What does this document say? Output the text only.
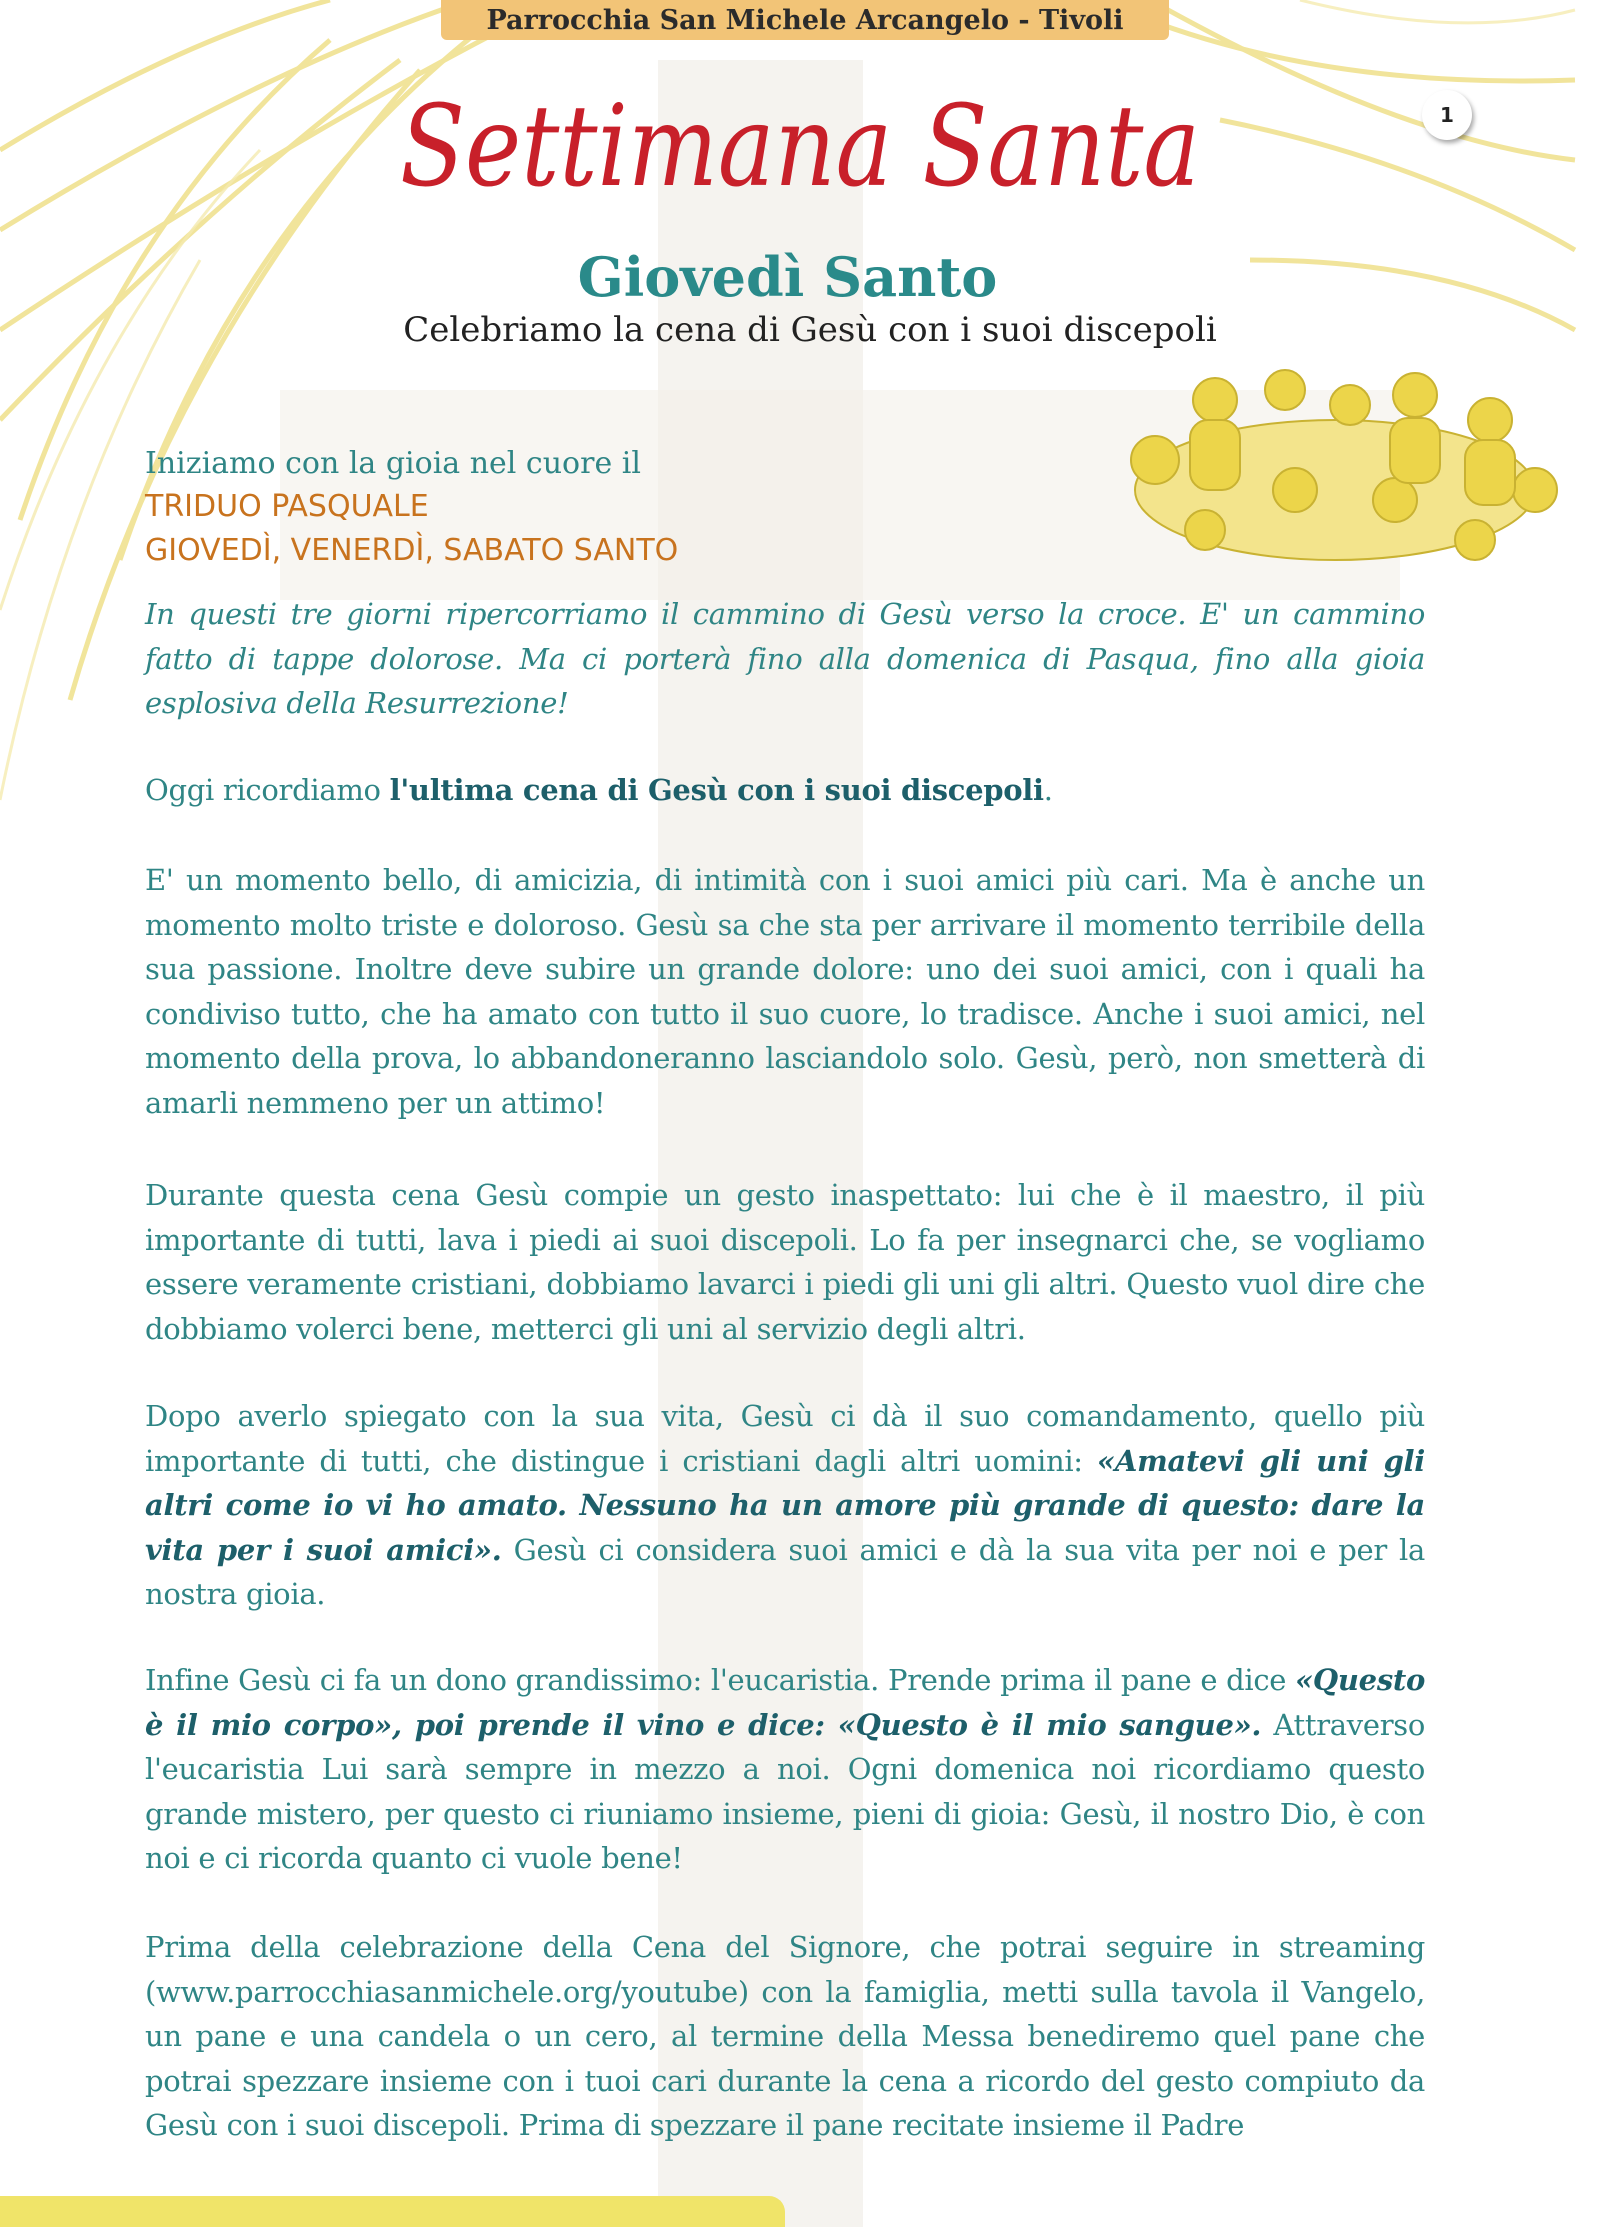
Parrocchia San Michele Arcangelo - Tivoli
1
Settimana Santa
Giovedì Santo
Celebriamo la cena di Gesù con i suoi discepoli
Iniziamo con la gioia nel cuore il
TRIDUO PASQUALE
GIOVEDÌ, VENERDÌ, SABATO SANTO
In questi tre giorni ripercorriamo il cammino di Gesù verso la croce. E' un cammino fatto di tappe dolorose. Ma ci porterà fino alla domenica di Pasqua, fino alla gioia esplosiva della Resurrezione!
Oggi ricordiamo l'ultima cena di Gesù con i suoi discepoli.
E' un momento bello, di amicizia, di intimità con i suoi amici più cari. Ma è anche un momento molto triste e doloroso. Gesù sa che sta per arrivare il momento terribile della sua passione. Inoltre deve subire un grande dolore: uno dei suoi amici, con i quali ha condiviso tutto, che ha amato con tutto il suo cuore, lo tradisce. Anche i suoi amici, nel momento della prova, lo abbandoneranno lasciandolo solo. Gesù, però, non smetterà di amarli nemmeno per un attimo!
Durante questa cena Gesù compie un gesto inaspettato: lui che è il maestro, il più importante di tutti, lava i piedi ai suoi discepoli. Lo fa per insegnarci che, se vogliamo essere veramente cristiani, dobbiamo lavarci i piedi gli uni gli altri. Questo vuol dire che dobbiamo volerci bene, metterci gli uni al servizio degli altri.
Dopo averlo spiegato con la sua vita, Gesù ci dà il suo comandamento, quello più importante di tutti, che distingue i cristiani dagli altri uomini: «Amatevi gli uni gli altri come io vi ho amato. Nessuno ha un amore più grande di questo: dare la vita per i suoi amici». Gesù ci considera suoi amici e dà la sua vita per noi e per la nostra gioia.
Infine Gesù ci fa un dono grandissimo: l'eucaristia. Prende prima il pane e dice «Questo è il mio corpo», poi prende il vino e dice: «Questo è il mio sangue». Attraverso l'eucaristia Lui sarà sempre in mezzo a noi. Ogni domenica noi ricordiamo questo grande mistero, per questo ci riuniamo insieme, pieni di gioia: Gesù, il nostro Dio, è con noi e ci ricorda quanto ci vuole bene!
Prima della celebrazione della Cena del Signore, che potrai seguire in streaming (www.parrocchiasanmichele.org/youtube) con la famiglia, metti sulla tavola il Vangelo, un pane e una candela o un cero, al termine della Messa benediremo quel pane che potrai spezzare insieme con i tuoi cari durante la cena a ricordo del gesto compiuto da Gesù con i suoi discepoli. Prima di spezzare il pane recitate insieme il Padre
